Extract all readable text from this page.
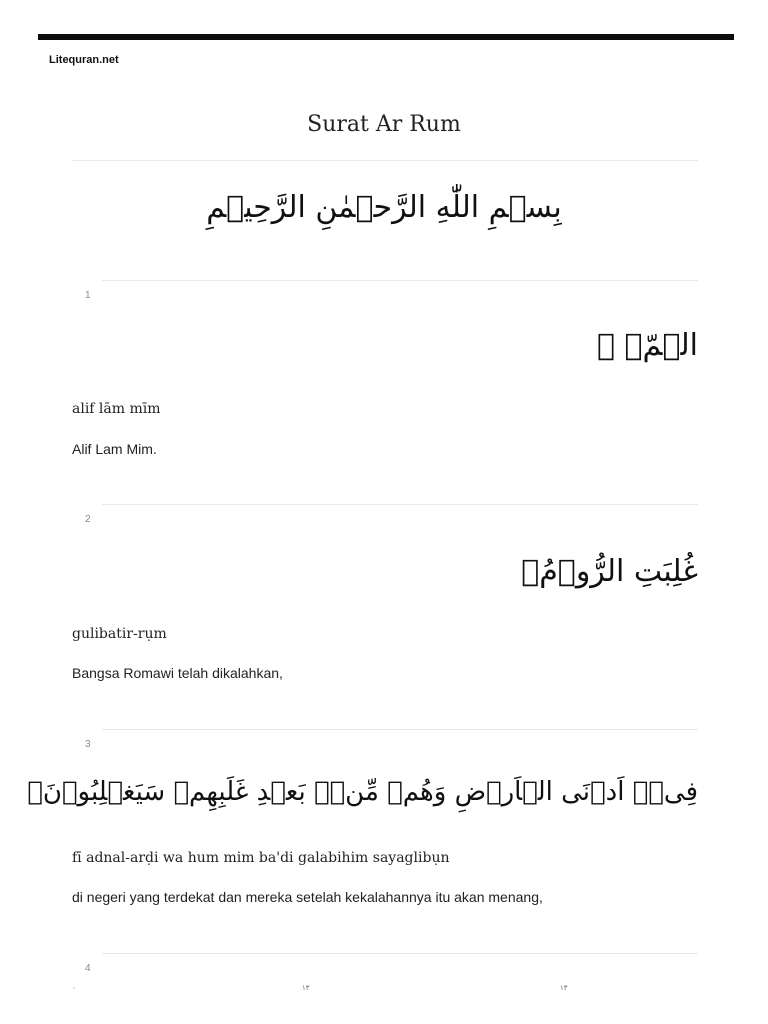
Litequran.net
Surat Ar Rum
بِسۡمِ اللّٰهِ الرَّحۡمٰنِ الرَّحِيۡمِ
1
الۤمّۤ ۚ
alif lām mīm
Alif Lam Mim.
2
غُلِبَتِ الرُّوۡمُۙ
gulibatir-rụm
Bangsa Romawi telah dikalahkan,
3
فِىۡۤ اَدۡنَى الۡاَرۡضِ وَهُمۡ مِّنۡۢ بَعۡدِ غَلَبِهِمۡ سَيَغۡلِبُوۡنَۙ
fī adnal-arḍi wa hum mim ba'di galabihim sayaglibụn
di negeri yang terdekat dan mereka setelah kekalahannya itu akan menang,
4
٠	١٣	١٣
